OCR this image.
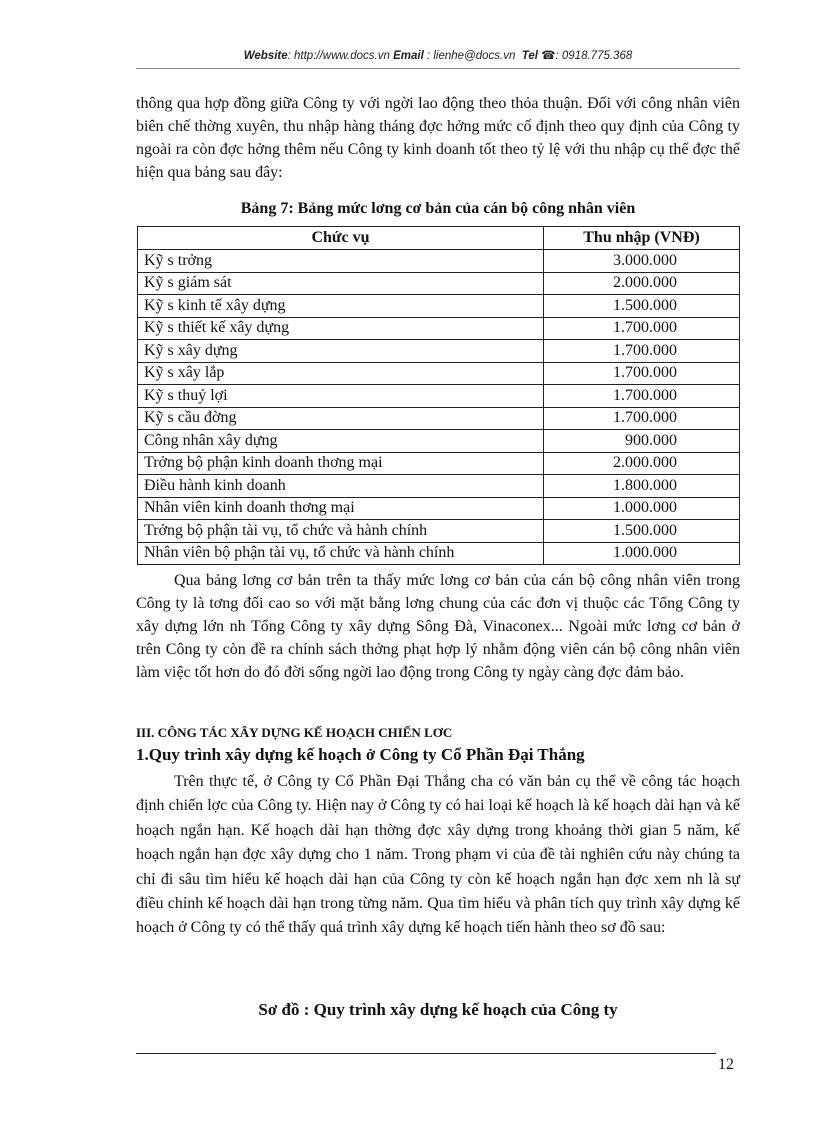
Website: http://www.docs.vn Email : lienhe@docs.vn Tel ☎: 0918.775.368

thông qua hợp đồng giữa Công ty với ngời lao động theo thỏa thuận. Đối với công nhân viên biên chế thờng xuyên, thu nhập hàng tháng đợc hởng mức cố định theo quy định của Công ty ngoài ra còn đợc hởng thêm nếu Công ty kinh doanh tốt theo tỷ lệ với thu nhập cụ thể đợc thể hiện qua bảng sau đây:

Bảng 7: Bảng mức lơng cơ bản của cán bộ công nhân viên
Chức vụ	Thu nhập (VNĐ)
Kỹ s trởng	3.000.000
Kỹ s giám sát	2.000.000
Kỹ s kinh tế xây dựng	1.500.000
Kỹ s thiết kế xây dựng	1.700.000
Kỹ s xây dựng	1.700.000
Kỹ s xây lắp	1.700.000
Kỹ s thuỷ lợi	1.700.000
Kỹ s cầu đờng	1.700.000
Công nhân xây dựng	900.000
Trởng bộ phận kinh doanh thơng mại	2.000.000
Điều hành kinh doanh	1.800.000
Nhân viên kinh doanh thơng mại	1.000.000
Trởng bộ phận tài vụ, tổ chức và hành chính	1.500.000
Nhân viên bộ phận tài vụ, tổ chức và hành chính	1.000.000

Qua bảng lơng cơ bản trên ta thấy mức lơng cơ bản của cán bộ công nhân viên trong Công ty là tơng đối cao so với mặt bằng lơng chung của các đơn vị thuộc các Tổng Công ty xây dựng lớn nh Tổng Công ty xây dựng Sông Đà, Vinaconex... Ngoài mức lơng cơ bản ở trên Công ty còn đề ra chính sách thởng phạt hợp lý nhằm động viên cán bộ công nhân viên làm việc tốt hơn do đó đời sống ngời lao động trong Công ty ngày càng đợc đảm bảo.

III. CÔNG TÁC XÂY DỰNG KẾ HOẠCH CHIẾN LƠC
1.Quy trình xây dựng kế hoạch ở Công ty Cổ Phần Đại Thắng

Trên thực tế, ở Công ty Cổ Phần Đại Thắng cha có văn bản cụ thể về công tác hoạch định chiến lợc của Công ty. Hiện nay ở Công ty có hai loại kế hoạch là kế hoạch dài hạn và kế hoạch ngắn hạn. Kế hoạch dài hạn thờng đợc xây dựng trong khoảng thời gian 5 năm, kế hoạch ngắn hạn đợc xây dựng cho 1 năm. Trong phạm vi của đề tài nghiên cứu này chúng ta chỉ đi sâu tìm hiểu kế hoạch dài hạn của Công ty còn kế hoạch ngắn hạn đợc xem nh là sự điều chỉnh kế hoạch dài hạn trong từng năm. Qua tìm hiểu và phân tích quy trình xây dựng kế hoạch ở Công ty có thể thấy quá trình xây dựng kế hoạch tiến hành theo sơ đồ sau:

Sơ đồ : Quy trình xây dựng kế hoạch của Công ty
12
